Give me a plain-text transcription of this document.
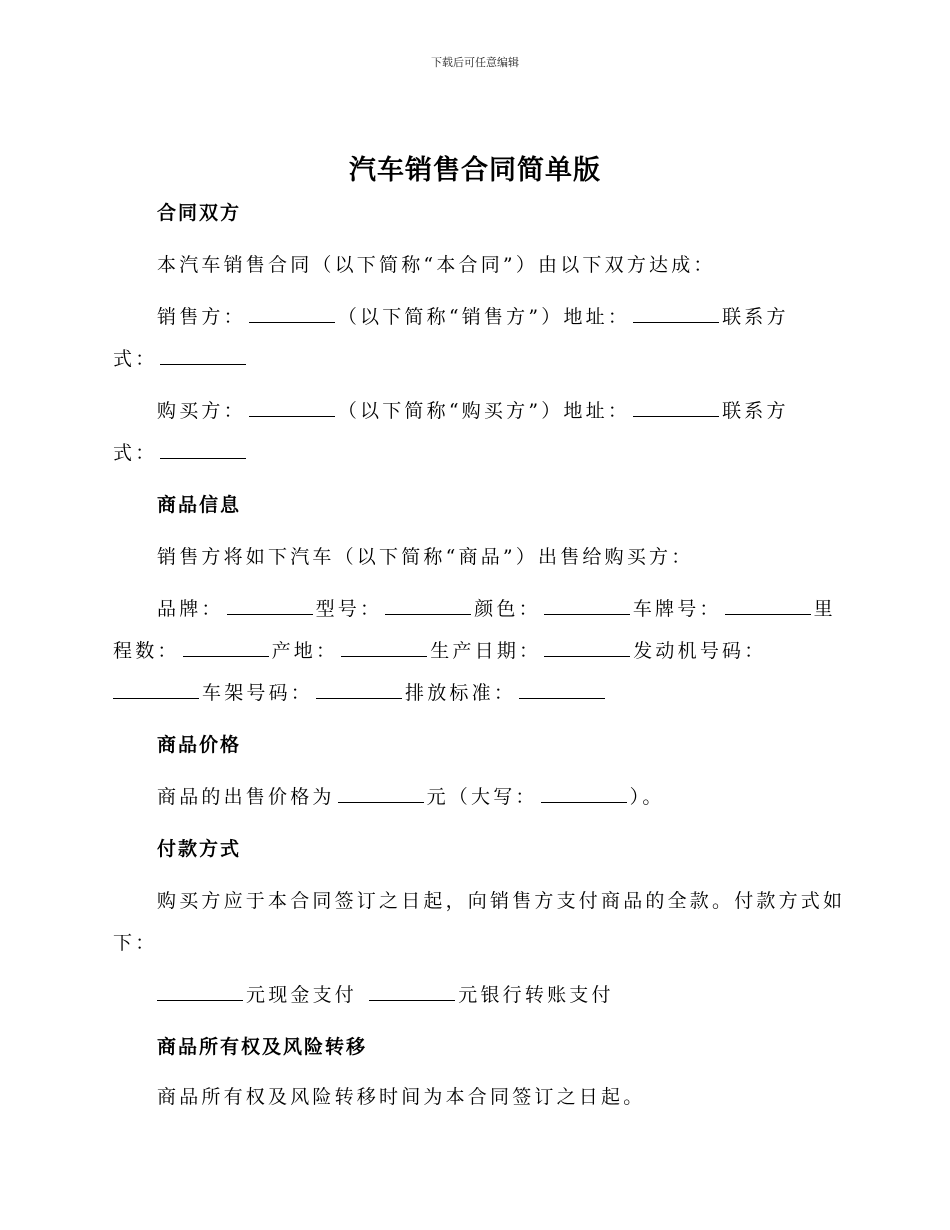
下载后可任意编辑
汽车销售合同简单版
合同双方
本汽车销售合同（以下简称“本合同”）由以下双方达成：
销售方：	（以下简称“销售方”）地址：	联系方
式：
购买方：	（以下简称“购买方”）地址：	联系方
式：
商品信息
销售方将如下汽车（以下简称“商品”）出售给购买方：
品牌：	型号：	颜色：	车牌号：	里
程数：	产地：	生产日期：	发动机号码：
车架号码：	排放标准：
商品价格
商品的出售价格为	元（大写：	）。
付款方式
购买方应于本合同签订之日起，向销售方支付商品的全款。付款方式如
下：
元现金支付	元银行转账支付
商品所有权及风险转移
商品所有权及风险转移时间为本合同签订之日起。
